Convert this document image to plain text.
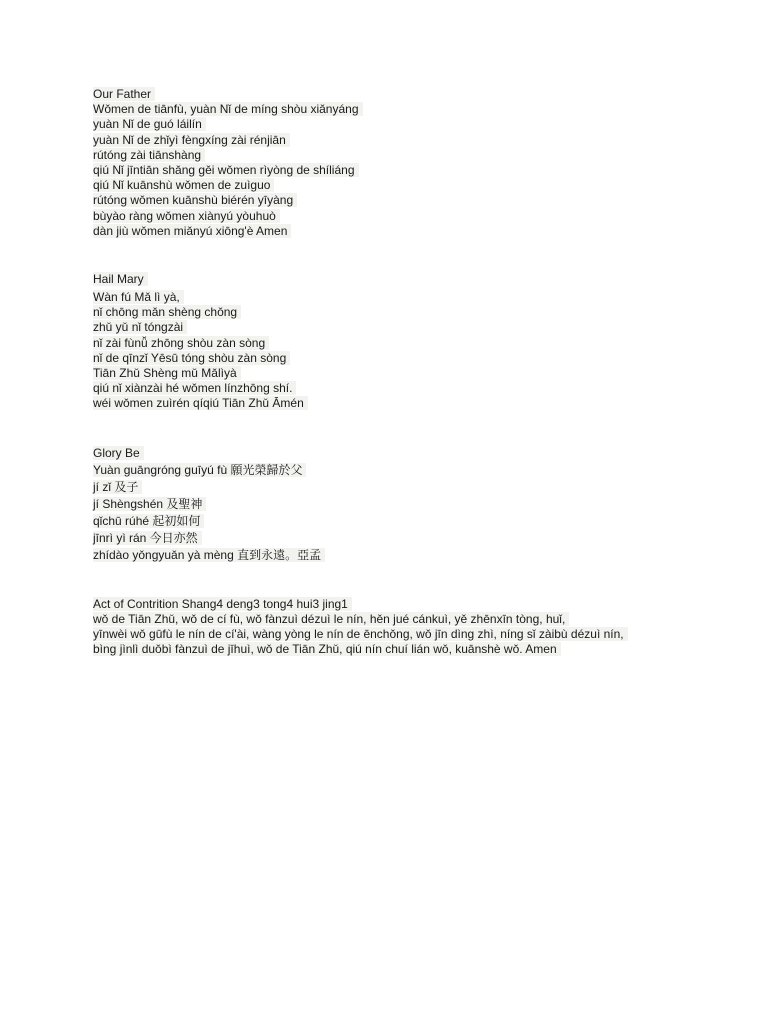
Our Father
Wǒmen de tiānfù, yuàn Nǐ de míng shòu xiǎnyáng
yuàn Nǐ de guó láilín
yuàn Nǐ de zhǐyì fèngxíng zài rénjiān
rútóng zài tiānshàng
qiú Nǐ jīntiān shǎng gěi wǒmen rìyòng de shíliáng
qiú Nǐ kuānshù wǒmen de zuìguo
rútóng wǒmen kuānshù biérén yīyàng
bùyào ràng wǒmen xiànyú yòuhuò
dàn jiù wǒmen miǎnyú xiōng'è Amen
Hail Mary
Wàn fú Mǎ lì yà,
nǐ chōng mǎn shèng chǒng
zhǔ yǔ nǐ tóngzài
nǐ zài fùnǚ zhōng shòu zàn sòng
nǐ de qīnzǐ Yēsū tóng shòu zàn sòng
Tiān Zhǔ Shèng mǔ Mǎlìyà
qiú nǐ xiànzài hé wǒmen línzhōng shí.
wéi wǒmen zuìrén qíqiú Tiān Zhǔ Āmén
Glory Be
Yuàn guāngróng guīyú fù 願光榮歸於父
jí zǐ 及子
jí Shèngshén 及聖神
qǐchū rúhé 起初如何
jīnrì yì rán 今日亦然
zhídào yǒngyuǎn yà mèng 直到永遠。亞孟
Act of Contrition Shang4 deng3 tong4 hui3 jing1
wǒ de Tiān Zhǔ, wǒ de cí fù, wǒ fànzuì dézuì le nín, hěn jué cánkuì, yě zhēnxīn tòng, huǐ,
yīnwèi wǒ gūfù le nín de cí'ài, wàng yòng le nín de ēnchǒng, wǒ jīn dìng zhì, níng sǐ zàibù dézuì nín,
bìng jìnlì duǒbì fànzuì de jīhuì, wǒ de Tiān Zhǔ, qiú nín chuí lián wǒ, kuānshè wǒ. Amen
